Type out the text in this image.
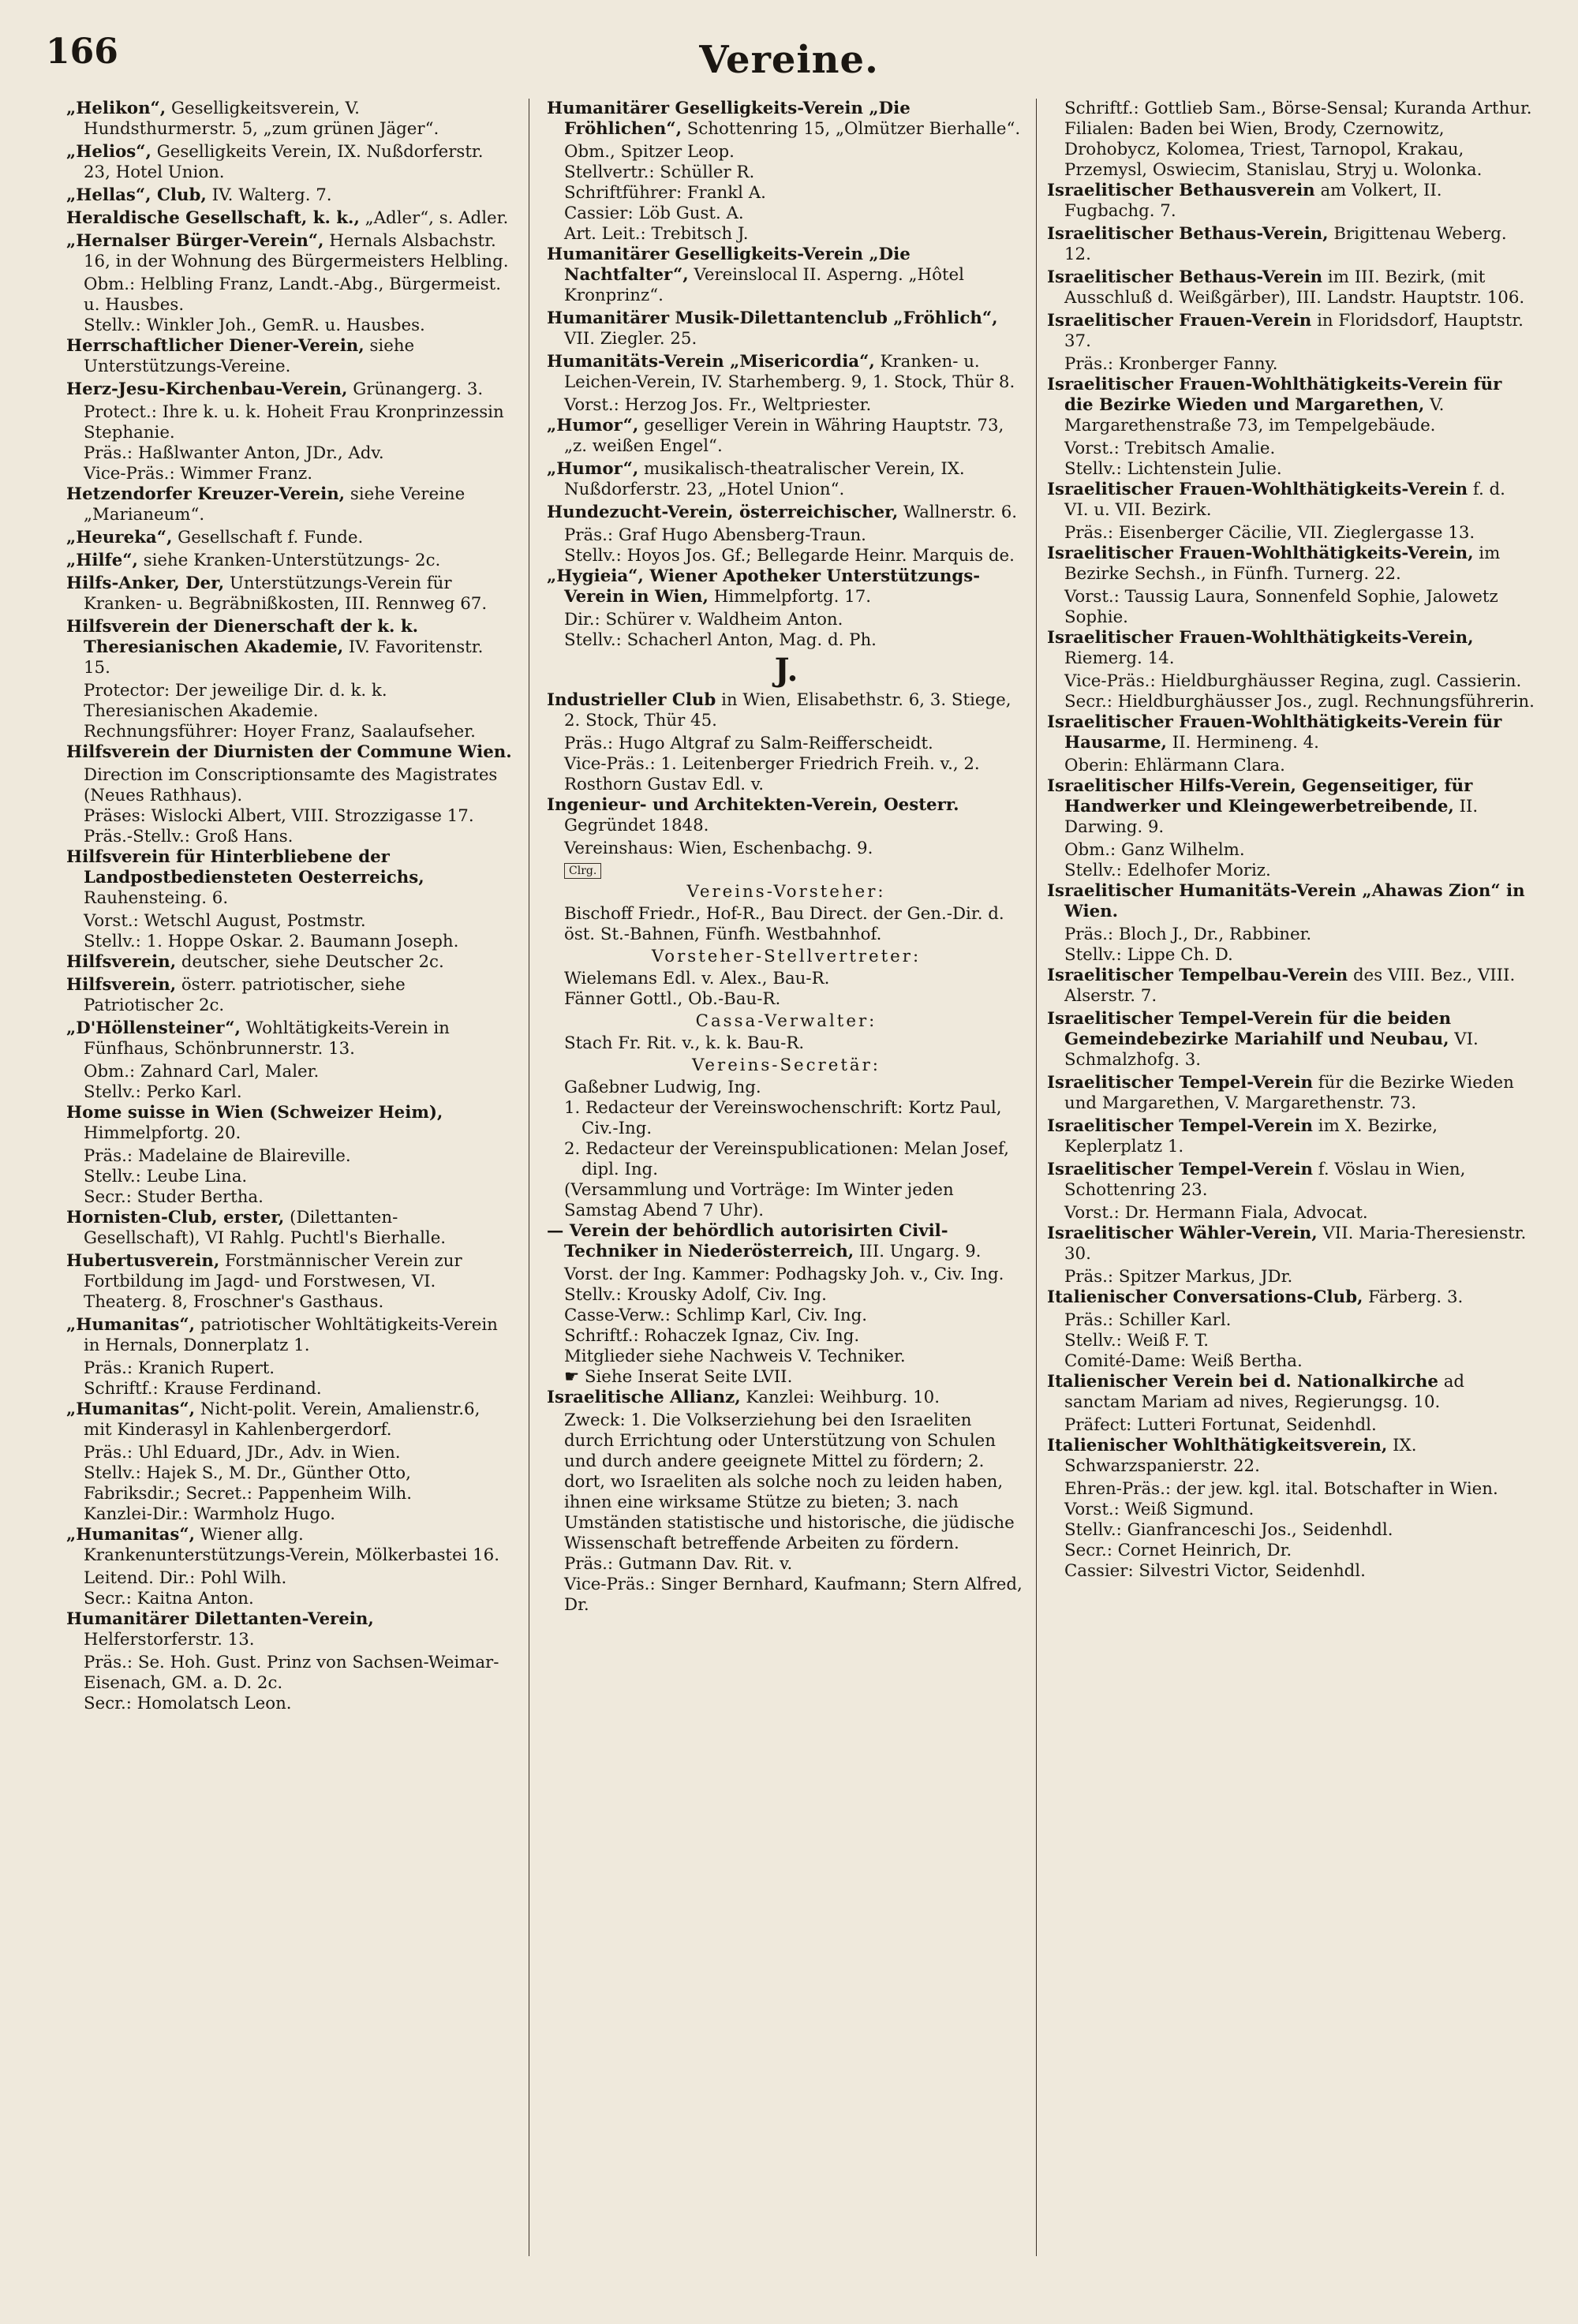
166	Vereine.

„Helikon“, Geselligkeitsverein, V. Hundsthurmerstr. 5, „zum grünen Jäger“.

„Helios“, Geselligkeits Verein, IX. Nußdorferstr. 23, Hotel Union.

„Hellas“, Club, IV. Walterg. 7.

Heraldische Gesellschaft, k. k., „Adler“, s. Adler.

„Hernalser Bürger-Verein“, Hernals Alsbachstr. 16, in der Wohnung des Bürgermeisters Helbling.

Obm.: Helbling Franz, Landt.-Abg., Bürgermeist. u. Hausbes.

Stellv.: Winkler Joh., GemR. u. Hausbes.

Herrschaftlicher Diener-Verein, siehe Unterstützungs-Vereine.

Herz-Jesu-Kirchenbau-Verein, Grünangerg. 3.

Protect.: Ihre k. u. k. Hoheit Frau Kronprinzessin Stephanie.

Präs.: Haßlwanter Anton, JDr., Adv.

Vice-Präs.: Wimmer Franz.

Hetzendorfer Kreuzer-Verein, siehe Vereine „Marianeum“.

„Heureka“, Gesellschaft f. Funde.

„Hilfe“, siehe Kranken-Unterstützungs- 2c.

Hilfs-Anker, Der, Unterstützungs-Verein für Kranken- u. Begräbnißkosten, III. Rennweg 67.

Hilfsverein der Dienerschaft der k. k. Theresianischen Akademie, IV. Favoritenstr. 15.

Protector: Der jeweilige Dir. d. k. k. Theresianischen Akademie.

Rechnungsführer: Hoyer Franz, Saalaufseher.

Hilfsverein der Diurnisten der Commune Wien.

Direction im Conscriptionsamte des Magistrates (Neues Rathhaus).

Präses: Wislocki Albert, VIII. Strozzigasse 17.

Präs.-Stellv.: Groß Hans.

Hilfsverein für Hinterbliebene der Landpostbediensteten Oesterreichs, Rauhensteing. 6.

Vorst.: Wetschl August, Postmstr.

Stellv.: 1. Hoppe Oskar. 2. Baumann Joseph.

Hilfsverein, deutscher, siehe Deutscher 2c.

Hilfsverein, österr. patriotischer, siehe Patriotischer 2c.

„D'Höllensteiner“, Wohltätigkeits-Verein in Fünfhaus, Schönbrunnerstr. 13.

Obm.: Zahnard Carl, Maler.

Stellv.: Perko Karl.

Home suisse in Wien (Schweizer Heim), Himmelpfortg. 20.

Präs.: Madelaine de Blaireville.

Stellv.: Leube Lina.

Secr.: Studer Bertha.

Hornisten-Club, erster, (Dilettanten-Gesellschaft), VI Rahlg. Puchtl's Bierhalle.

Hubertusverein, Forstmännischer Verein zur Fortbildung im Jagd- und Forstwesen, VI. Theaterg. 8, Froschner's Gasthaus.

„Humanitas“, patriotischer Wohltätigkeits-Verein in Hernals, Donnerplatz 1.

Präs.: Kranich Rupert.

Schriftf.: Krause Ferdinand.

„Humanitas“, Nicht-polit. Verein, Amalienstr.6, mit Kinderasyl in Kahlenbergerdorf.

Präs.: Uhl Eduard, JDr., Adv. in Wien.

Stellv.: Hajek S., M. Dr., Günther Otto, Fabriksdir.; Secret.: Pappenheim Wilh.

Kanzlei-Dir.: Warmholz Hugo.

„Humanitas“, Wiener allg. Krankenunterstützungs-Verein, Mölkerbastei 16.

Leitend. Dir.: Pohl Wilh.

Secr.: Kaitna Anton.

Humanitärer Dilettanten-Verein, Helferstorferstr. 13.

Präs.: Se. Hoh. Gust. Prinz von Sachsen-Weimar-Eisenach, GM. a. D. 2c.

Secr.: Homolatsch Leon.

Humanitärer Geselligkeits-Verein „Die Fröhlichen“, Schottenring 15, „Olmützer Bierhalle“.

Obm., Spitzer Leop.

Stellvertr.: Schüller R.

Schriftführer: Frankl A.

Cassier: Löb Gust. A.

Art. Leit.: Trebitsch J.

Humanitärer Geselligkeits-Verein „Die Nachtfalter“, Vereinslocal II. Asperng. „Hôtel Kronprinz“.

Humanitärer Musik-Dilettantenclub „Fröhlich“, VII. Ziegler. 25.

Humanitäts-Verein „Misericordia“, Kranken- u. Leichen-Verein, IV. Starhemberg. 9, 1. Stock, Thür 8.

Vorst.: Herzog Jos. Fr., Weltpriester.

„Humor“, geselliger Verein in Währing Hauptstr. 73, „z. weißen Engel“.

„Humor“, musikalisch-theatralischer Verein, IX. Nußdorferstr. 23, „Hotel Union“.

Hundezucht-Verein, österreichischer, Wallnerstr. 6.

Präs.: Graf Hugo Abensberg-Traun.

Stellv.: Hoyos Jos. Gf.; Bellegarde Heinr. Marquis de.

„Hygieia“, Wiener Apotheker Unterstützungs-Verein in Wien, Himmelpfortg. 17.

Dir.: Schürer v. Waldheim Anton.

Stellv.: Schacherl Anton, Mag. d. Ph.

J.

Industrieller Club in Wien, Elisabethstr. 6, 3. Stiege, 2. Stock, Thür 45.

Präs.: Hugo Altgraf zu Salm-Reifferscheidt.

Vice-Präs.: 1. Leitenberger Friedrich Freih. v., 2. Rosthorn Gustav Edl. v.

Ingenieur- und Architekten-Verein, Oesterr. Gegründet 1848.

Vereinshaus: Wien, Eschenbachg. 9.

Clrg.

Vereins-Vorsteher:

Bischoff Friedr., Hof-R., Bau Direct. der Gen.-Dir. d. öst. St.-Bahnen, Fünfh. Westbahnhof.

Vorsteher-Stellvertreter:

Wielemans Edl. v. Alex., Bau-R.

Fänner Gottl., Ob.-Bau-R.

Cassa-Verwalter:

Stach Fr. Rit. v., k. k. Bau-R.

Vereins-Secretär:

Gaßebner Ludwig, Ing.

1. Redacteur der Vereinswochenschrift: Kortz Paul, Civ.-Ing.

2. Redacteur der Vereinspublicationen: Melan Josef, dipl. Ing.

(Versammlung und Vorträge: Im Winter jeden Samstag Abend 7 Uhr).

— Verein der behördlich autorisirten Civil-Techniker in Niederösterreich, III. Ungarg. 9.

Vorst. der Ing. Kammer: Podhagsky Joh. v., Civ. Ing.

Stellv.: Krousky Adolf, Civ. Ing.

Casse-Verw.: Schlimp Karl, Civ. Ing.

Schriftf.: Rohaczek Ignaz, Civ. Ing.

Mitglieder siehe Nachweis V. Techniker.

☛ Siehe Inserat Seite LVII.

Israelitische Allianz, Kanzlei: Weihburg. 10.

Zweck: 1. Die Volkserziehung bei den Israeliten durch Errichtung oder Unterstützung von Schulen und durch andere geeignete Mittel zu fördern; 2. dort, wo Israeliten als solche noch zu leiden haben, ihnen eine wirksame Stütze zu bieten; 3. nach Umständen statistische und historische, die jüdische Wissenschaft betreffende Arbeiten zu fördern.

Präs.: Gutmann Dav. Rit. v.

Vice-Präs.: Singer Bernhard, Kaufmann; Stern Alfred, Dr.

Schriftf.: Gottlieb Sam., Börse-Sensal; Kuranda Arthur.

Filialen: Baden bei Wien, Brody, Czernowitz, Drohobycz, Kolomea, Triest, Tarnopol, Krakau, Przemysl, Oswiecim, Stanislau, Stryj u. Wolonka.

Israelitischer Bethausverein am Volkert, II. Fugbachg. 7.

Israelitischer Bethaus-Verein, Brigittenau Weberg. 12.

Israelitischer Bethaus-Verein im III. Bezirk, (mit Ausschluß d. Weißgärber), III. Landstr. Hauptstr. 106.

Israelitischer Frauen-Verein in Floridsdorf, Hauptstr. 37.

Präs.: Kronberger Fanny.

Israelitischer Frauen-Wohlthätigkeits-Verein für die Bezirke Wieden und Margarethen, V. Margarethenstraße 73, im Tempelgebäude.

Vorst.: Trebitsch Amalie.

Stellv.: Lichtenstein Julie.

Israelitischer Frauen-Wohlthätigkeits-Verein f. d. VI. u. VII. Bezirk.

Präs.: Eisenberger Cäcilie, VII. Zieglergasse 13.

Israelitischer Frauen-Wohlthätigkeits-Verein, im Bezirke Sechsh., in Fünfh. Turnerg. 22.

Vorst.: Taussig Laura, Sonnenfeld Sophie, Jalowetz Sophie.

Israelitischer Frauen-Wohlthätigkeits-Verein, Riemerg. 14.

Vice-Präs.: Hieldburghäusser Regina, zugl. Cassierin. Secr.: Hieldburghäusser Jos., zugl. Rechnungsführerin.

Israelitischer Frauen-Wohlthätigkeits-Verein für Hausarme, II. Hermineng. 4.

Oberin: Ehlärmann Clara.

Israelitischer Hilfs-Verein, Gegenseitiger, für Handwerker und Kleingewerbetreibende, II. Darwing. 9.

Obm.: Ganz Wilhelm.

Stellv.: Edelhofer Moriz.

Israelitischer Humanitäts-Verein „Ahawas Zion“ in Wien.

Präs.: Bloch J., Dr., Rabbiner.

Stellv.: Lippe Ch. D.

Israelitischer Tempelbau-Verein des VIII. Bez., VIII. Alserstr. 7.

Israelitischer Tempel-Verein für die beiden Gemeindebezirke Mariahilf und Neubau, VI. Schmalzhofg. 3.

Israelitischer Tempel-Verein für die Bezirke Wieden und Margarethen, V. Margarethenstr. 73.

Israelitischer Tempel-Verein im X. Bezirke, Keplerplatz 1.

Israelitischer Tempel-Verein f. Vöslau in Wien, Schottenring 23.

Vorst.: Dr. Hermann Fiala, Advocat.

Israelitischer Wähler-Verein, VII. Maria-Theresienstr. 30.

Präs.: Spitzer Markus, JDr.

Italienischer Conversations-Club, Färberg. 3.

Präs.: Schiller Karl.

Stellv.: Weiß F. T.

Comité-Dame: Weiß Bertha.

Italienischer Verein bei d. Nationalkirche ad sanctam Mariam ad nives, Regierungsg. 10.

Präfect: Lutteri Fortunat, Seidenhdl.

Italienischer Wohlthätigkeitsverein, IX. Schwarzspanierstr. 22.

Ehren-Präs.: der jew. kgl. ital. Botschafter in Wien.

Vorst.: Weiß Sigmund.

Stellv.: Gianfranceschi Jos., Seidenhdl.

Secr.: Cornet Heinrich, Dr.

Cassier: Silvestri Victor, Seidenhdl.
